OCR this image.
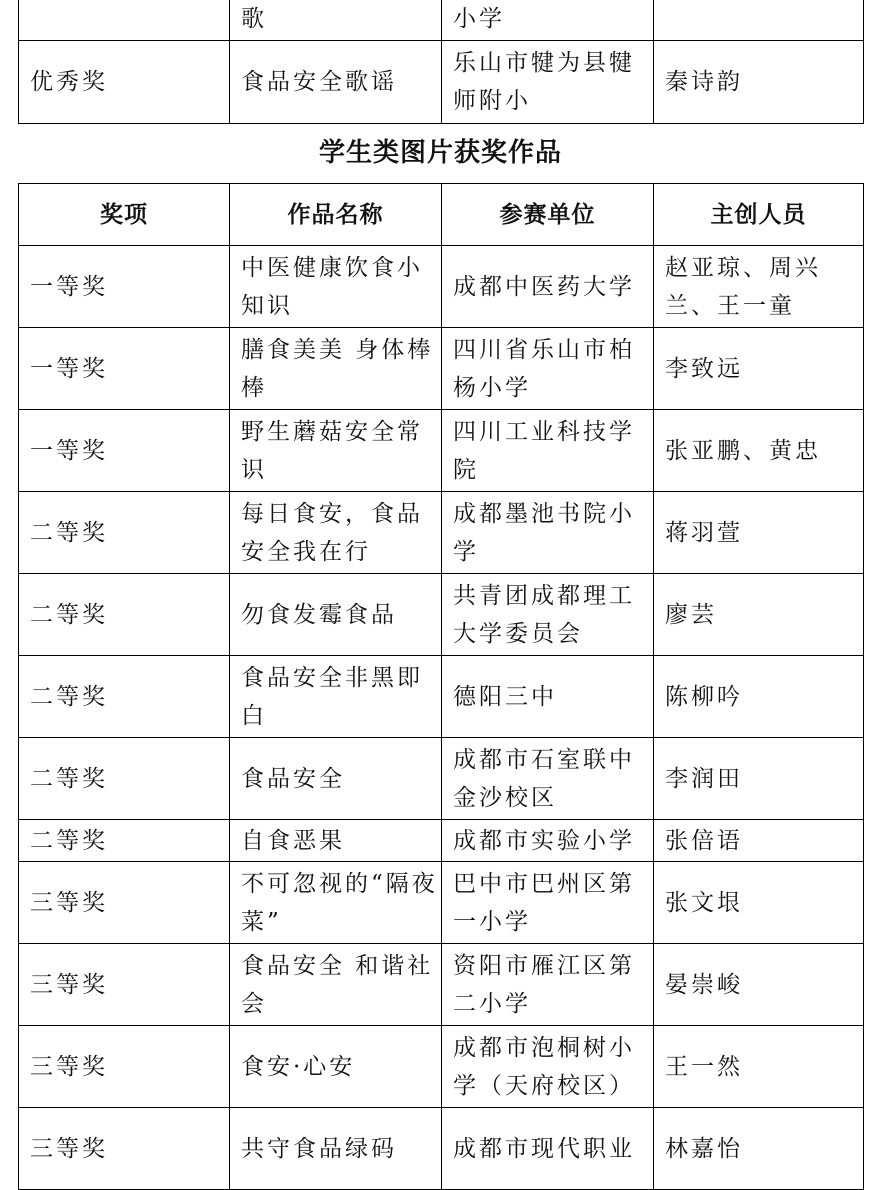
	歌	小学	
优秀奖	食品安全歌谣	乐山市犍为县犍师附小	秦诗韵
学生类图片获奖作品
奖项	作品名称	参赛单位	主创人员
一等奖	中医健康饮食小知识	成都中医药大学	赵亚琼、周兴兰、王一童
一等奖	膳食美美 身体棒棒	四川省乐山市柏杨小学	李致远
一等奖	野生蘑菇安全常识	四川工业科技学院	张亚鹏、黄忠
二等奖	每日食安，食品安全我在行	成都墨池书院小学	蒋羽萱
二等奖	勿食发霉食品	共青团成都理工大学委员会	廖芸
二等奖	食品安全非黑即白	德阳三中	陈柳吟
二等奖	食品安全	成都市石室联中金沙校区	李润田
二等奖	自食恶果	成都市实验小学	张倍语
三等奖	不可忽视的“隔夜菜”	巴中市巴州区第一小学	张文垠
三等奖	食品安全 和谐社会	资阳市雁江区第二小学	晏崇峻
三等奖	食安·心安	成都市泡桐树小学（天府校区）	王一然
三等奖	共守食品绿码	成都市现代职业	林嘉怡
